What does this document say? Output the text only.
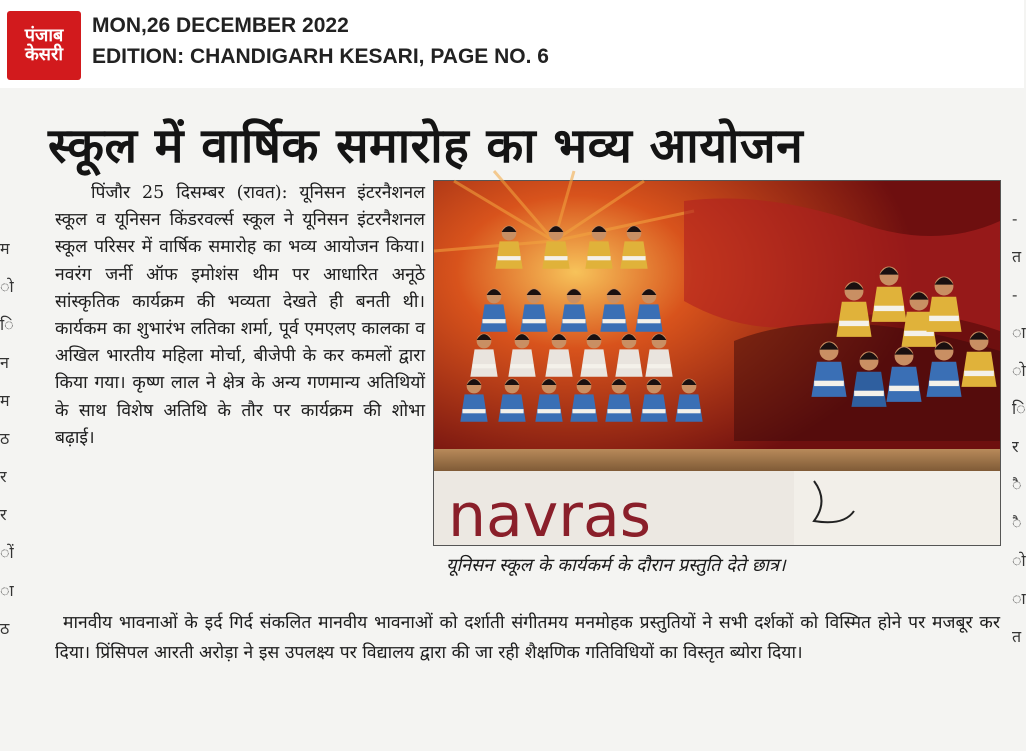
पंजाब
केसरी
MON,26 DECEMBER 2022
EDITION: CHANDIGARH KESARI, PAGE NO. 6
म
ो
ि
न
म
ठ
र
र
ों
ा
ठ
-
त
-
ा
ो
ि
र
ै
ै
ो
ा
त
स्कूल में वार्षिक समारोह का भव्य आयोजन

पिंजौर 25 दिसम्बर (रावत): यूनिसन इंटरनैशनल स्कूल व यूनिसन किंडरवर्ल्स स्कूल ने यूनिसन इंटरनैशनल स्कूल परिसर में वार्षिक समारोह का भव्य आयोजन किया। नवरंग जर्नी ऑफ इमोशंस थीम पर आधारित अनूठे सांस्कृतिक कार्यक्रम की भव्यता देखते ही बनती थी। कार्यकम का शुभारंभ लतिका शर्मा, पूर्व एमएलए कालका व अखिल भारतीय महिला मोर्चा, बीजेपी के कर कमलों द्वारा किया गया। कृष्ण लाल ने क्षेत्र के अन्य गणमान्य अतिथियों के साथ विशेष अतिथि के तौर पर कार्यक्रम की शोभा बढ़ाई।

navras
यूनिसन स्कूल के कार्यकर्म के दौरान प्रस्तुति देते छात्र।

मानवीय भावनाओं के इर्द गिर्द संकलित मानवीय भावनाओं को दर्शाती संगीतमय मनमोहक प्रस्तुतियों ने सभी दर्शकों को विस्मित होने पर मजबूर कर दिया। प्रिंसिपल आरती अरोड़ा ने इस उपलक्ष्य पर विद्यालय द्वारा की जा रही शैक्षणिक गतिविधियों का विस्तृत ब्योरा दिया।
